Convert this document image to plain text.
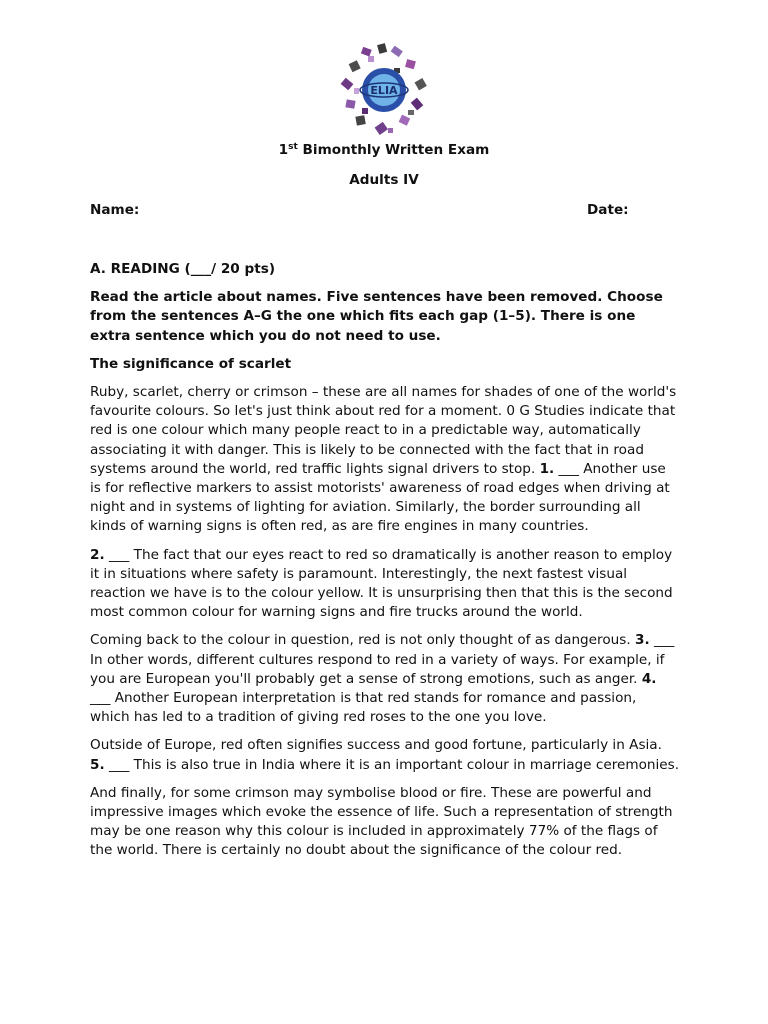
ELIA
1st Bimonthly Written Exam
Adults IV
Name:	Date:

A. READING (___/ 20 pts)

Read the article about names. Five sentences have been removed. Choose from the sentences A–G the one which fits each gap (1–5). There is one extra sentence which you do not need to use.

The significance of scarlet

Ruby, scarlet, cherry or crimson – these are all names for shades of one of the world's favourite colours. So let's just think about red for a moment. 0 G Studies indicate that red is one colour which many people react to in a predictable way, automatically associating it with danger. This is likely to be connected with the fact that in road systems around the world, red traffic lights signal drivers to stop. 1. ___ Another use is for reflective markers to assist motorists' awareness of road edges when driving at night and in systems of lighting for aviation. Similarly, the border surrounding all kinds of warning signs is often red, as are fire engines in many countries.

2. ___ The fact that our eyes react to red so dramatically is another reason to employ it in situations where safety is paramount. Interestingly, the next fastest visual reaction we have is to the colour yellow. It is unsurprising then that this is the second most common colour for warning signs and fire trucks around the world.

Coming back to the colour in question, red is not only thought of as dangerous. 3. ___ In other words, different cultures respond to red in a variety of ways. For example, if you are European you'll probably get a sense of strong emotions, such as anger. 4. ___ Another European interpretation is that red stands for romance and passion, which has led to a tradition of giving red roses to the one you love.

Outside of Europe, red often signifies success and good fortune, particularly in Asia. 5. ___ This is also true in India where it is an important colour in marriage ceremonies.

And finally, for some crimson may symbolise blood or fire. These are powerful and impressive images which evoke the essence of life. Such a representation of strength may be one reason why this colour is included in approximately 77% of the flags of the world. There is certainly no doubt about the significance of the colour red.
